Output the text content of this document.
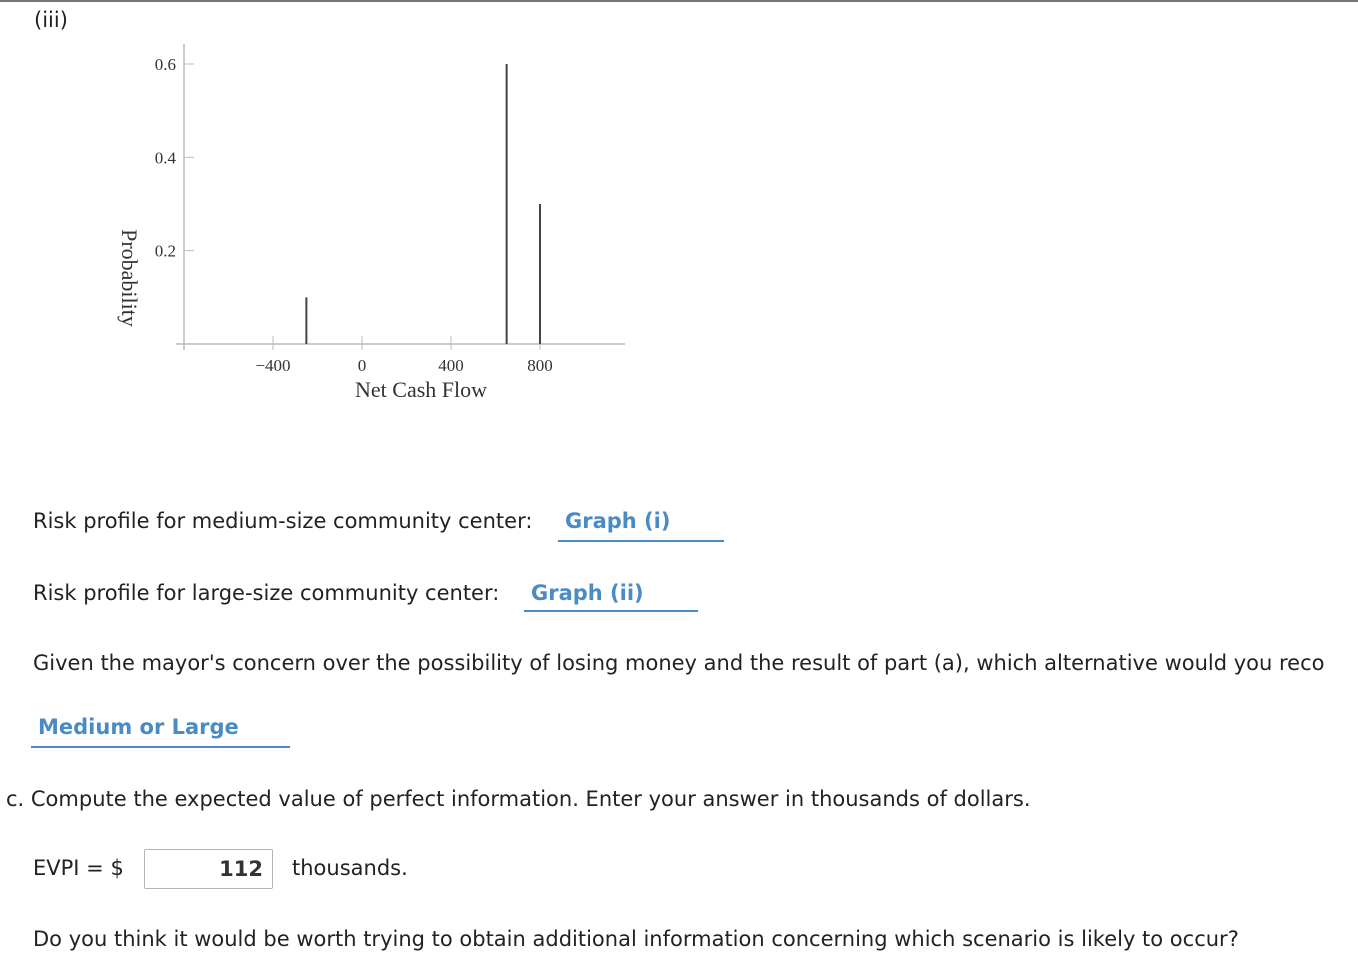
(iii)
0.2
0.4
0.6
−400	0	400	800
Net Cash Flow
Probability
Risk profile for medium-size community center:	Graph (i)
Risk profile for large-size community center:	Graph (ii)
Given the mayor's concern over the possibility of losing money and the result of part (a), which alternative would you reco
Medium or Large
c. Compute the expected value of perfect information. Enter your answer in thousands of dollars.
EVPI = $	112	thousands.
Do you think it would be worth trying to obtain additional information concerning which scenario is likely to occur?
